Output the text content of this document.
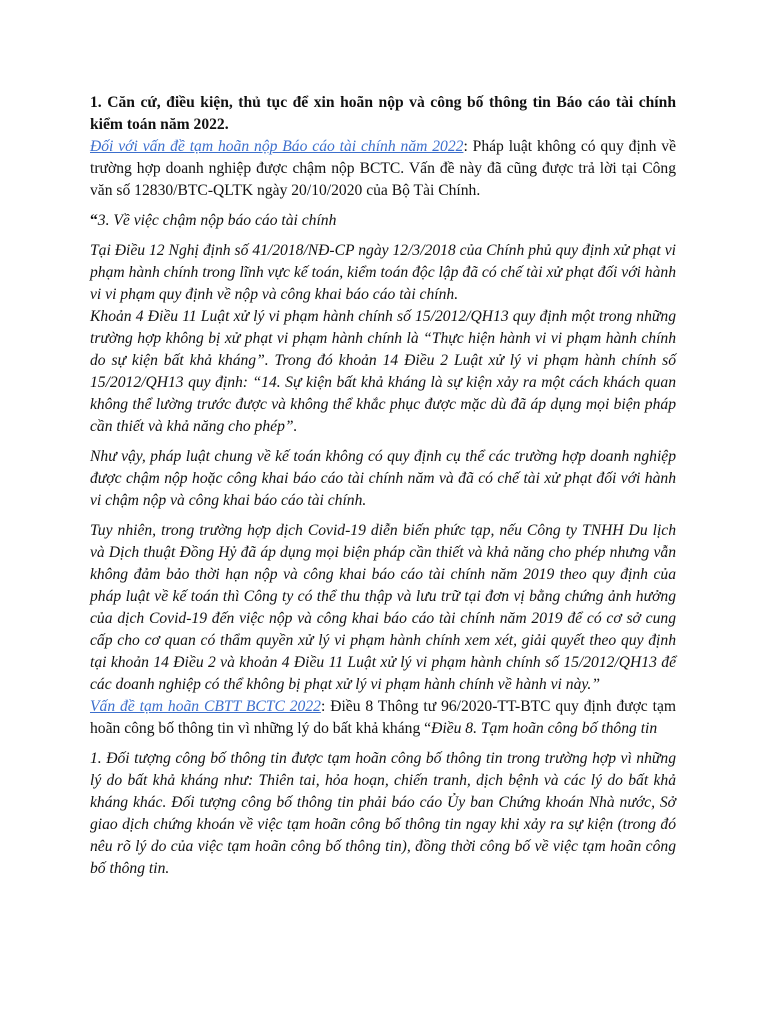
1. Căn cứ, điều kiện, thủ tục để xin hoãn nộp và công bố thông tin Báo cáo tài chính kiểm toán năm 2022.

Đối với vấn đề tạm hoãn nộp Báo cáo tài chính năm 2022: Pháp luật không có quy định về trường hợp doanh nghiệp được chậm nộp BCTC. Vấn đề này đã cũng được trả lời tại Công văn số 12830/BTC-QLTK ngày 20/10/2020 của Bộ Tài Chính.

“3. Về việc chậm nộp báo cáo tài chính

Tại Điều 12 Nghị định số 41/2018/NĐ-CP ngày 12/3/2018 của Chính phủ quy định xử phạt vi phạm hành chính trong lĩnh vực kế toán, kiểm toán độc lập đã có chế tài xử phạt đối với hành vi vi phạm quy định về nộp và công khai báo cáo tài chính.

Khoản 4 Điều 11 Luật xử lý vi phạm hành chính số 15/2012/QH13 quy định một trong những trường hợp không bị xử phạt vi phạm hành chính là “Thực hiện hành vi vi phạm hành chính do sự kiện bất khả kháng”. Trong đó khoản 14 Điều 2 Luật xử lý vi phạm hành chính số 15/2012/QH13 quy định: “14. Sự kiện bất khả kháng là sự kiện xảy ra một cách khách quan không thể lường trước được và không thể khắc phục được mặc dù đã áp dụng mọi biện pháp cần thiết và khả năng cho phép”.

Như vậy, pháp luật chung về kế toán không có quy định cụ thể các trường hợp doanh nghiệp được chậm nộp hoặc công khai báo cáo tài chính năm và đã có chế tài xử phạt đối với hành vi chậm nộp và công khai báo cáo tài chính.

Tuy nhiên, trong trường hợp dịch Covid-19 diễn biến phức tạp, nếu Công ty TNHH Du lịch và Dịch thuật Đồng Hỷ đã áp dụng mọi biện pháp cần thiết và khả năng cho phép nhưng vẫn không đảm bảo thời hạn nộp và công khai báo cáo tài chính năm 2019 theo quy định của pháp luật về kế toán thì Công ty có thể thu thập và lưu trữ tại đơn vị bằng chứng ảnh hưởng của dịch Covid-19 đến việc nộp và công khai báo cáo tài chính năm 2019 để có cơ sở cung cấp cho cơ quan có thẩm quyền xử lý vi phạm hành chính xem xét, giải quyết theo quy định tại khoản 14 Điều 2 và khoản 4 Điều 11 Luật xử lý vi phạm hành chính số 15/2012/QH13 để các doanh nghiệp có thể không bị phạt xử lý vi phạm hành chính về hành vi này.”

Vấn đề tạm hoãn CBTT BCTC 2022: Điều 8 Thông tư 96/2020-TT-BTC quy định được tạm hoãn công bố thông tin vì những lý do bất khả kháng “Điều 8. Tạm hoãn công bố thông tin

1. Đối tượng công bố thông tin được tạm hoãn công bố thông tin trong trường hợp vì những lý do bất khả kháng như: Thiên tai, hỏa hoạn, chiến tranh, dịch bệnh và các lý do bất khả kháng khác. Đối tượng công bố thông tin phải báo cáo Ủy ban Chứng khoán Nhà nước, Sở giao dịch chứng khoán về việc tạm hoãn công bố thông tin ngay khi xảy ra sự kiện (trong đó nêu rõ lý do của việc tạm hoãn công bố thông tin), đồng thời công bố về việc tạm hoãn công bố thông tin.
